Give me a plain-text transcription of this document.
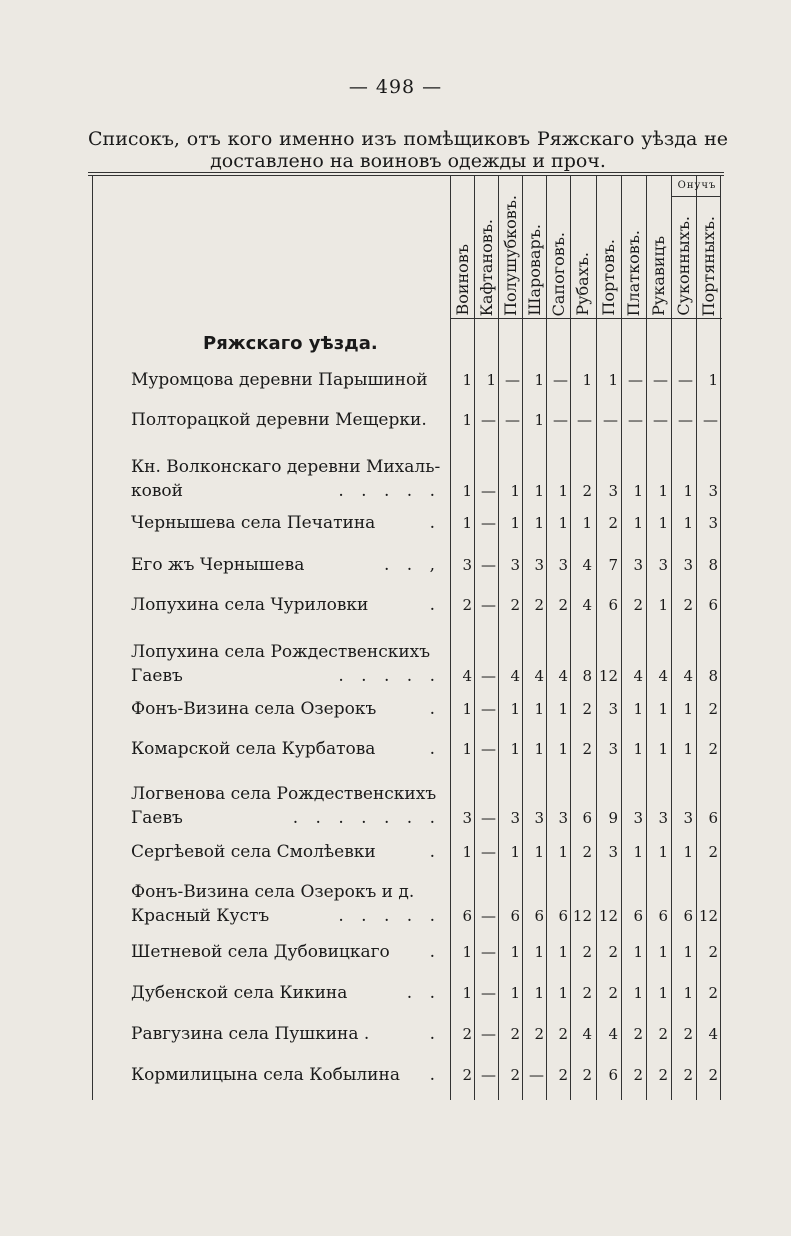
— 498 —
Списокъ, отъ кого именно изъ помѣщиковъ Ряжскаго уѣзда не
доставлено на воиновъ одежды и проч.
Воиновъ Кафтановъ. Полушубковъ. Шароваръ. Сапоговъ. Рубахъ. Портовъ. Платковъ. Рукавицъ Суконныхъ. Портяныхъ.
Онучъ
Ряжскаго уѣзда.
Муромцова деревни Парышиной	1 1 — 1 — 1	1 — — —	1
Полторацкой деревни Мещерки.	1 — — 1 — — — — — — —
Кн. Волконскаго деревни Михаль-
ковой	. . . . .	1 — 1 1 1 2	3	1	1	1	3
Чернышева села Печатина	.	1 — 1 1 1 1	2	1	1	1	3
Его жъ Чернышева	. . ,	3 — 3 3 3 4	7	3	3	3	8
Лопухина села Чуриловки	.	2 — 2 2 2 4	6	2	1	2	6
Лопухина села Рождественскихъ
Гаевъ	. . . . .	4 — 4 4 4 8 12	4	4	4	8
Фонъ-Визина села Озерокъ	.	1 — 1 1 1 2	3	1	1	1	2
Комарской села Курбатова	.	1 — 1 1 1 2	3	1	1	1	2
Логвенова села Рождественскихъ
Гаевъ	. . . . . . .	3 — 3 3 3 6	9	3	3	3	6
Сергѣевой села Смолѣевки	.	1 — 1 1 1 2	3	1	1	1	2
Фонъ-Визина села Озерокъ и д.
Красный Кустъ	. . . . .	6 — 6 6 6 12 12	6	6	6 12
Шетневой села Дубовицкаго	.	1 — 1 1 1 2	2	1	1	1	2
Дубенской села Кикина	. .	1 — 1 1 1 2	2	1	1	1	2
Равгузина села Пушкина .	.	2 — 2 2 2 4	4	2	2	2	4
Кормилицына села Кобылина	.	2 — 2 — 2 2	6	2	2	2	2
